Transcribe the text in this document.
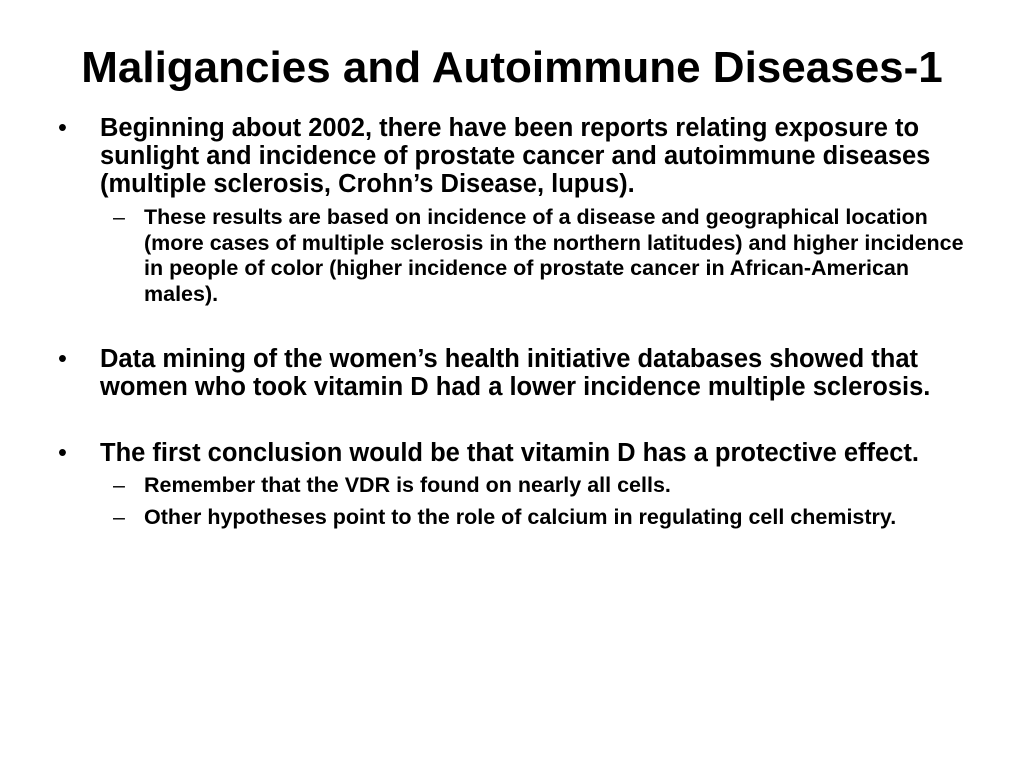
Maligancies and Autoimmune Diseases-1
•	Beginning about 2002, there have been reports relating exposure to sunlight and incidence of prostate cancer and autoimmune diseases (multiple sclerosis, Crohn’s Disease, lupus).
– These results are based on incidence of a disease and geographical location (more cases of multiple sclerosis in the northern latitudes) and higher incidence in people of color (higher incidence of prostate cancer in African-American males).
•	Data mining of the women’s health initiative databases showed that women who took vitamin D had a lower incidence multiple sclerosis.
•	The first conclusion would be that vitamin D has a protective effect.
– Remember that the VDR is found on nearly all cells.
– Other hypotheses point to the role of calcium in regulating cell chemistry.
